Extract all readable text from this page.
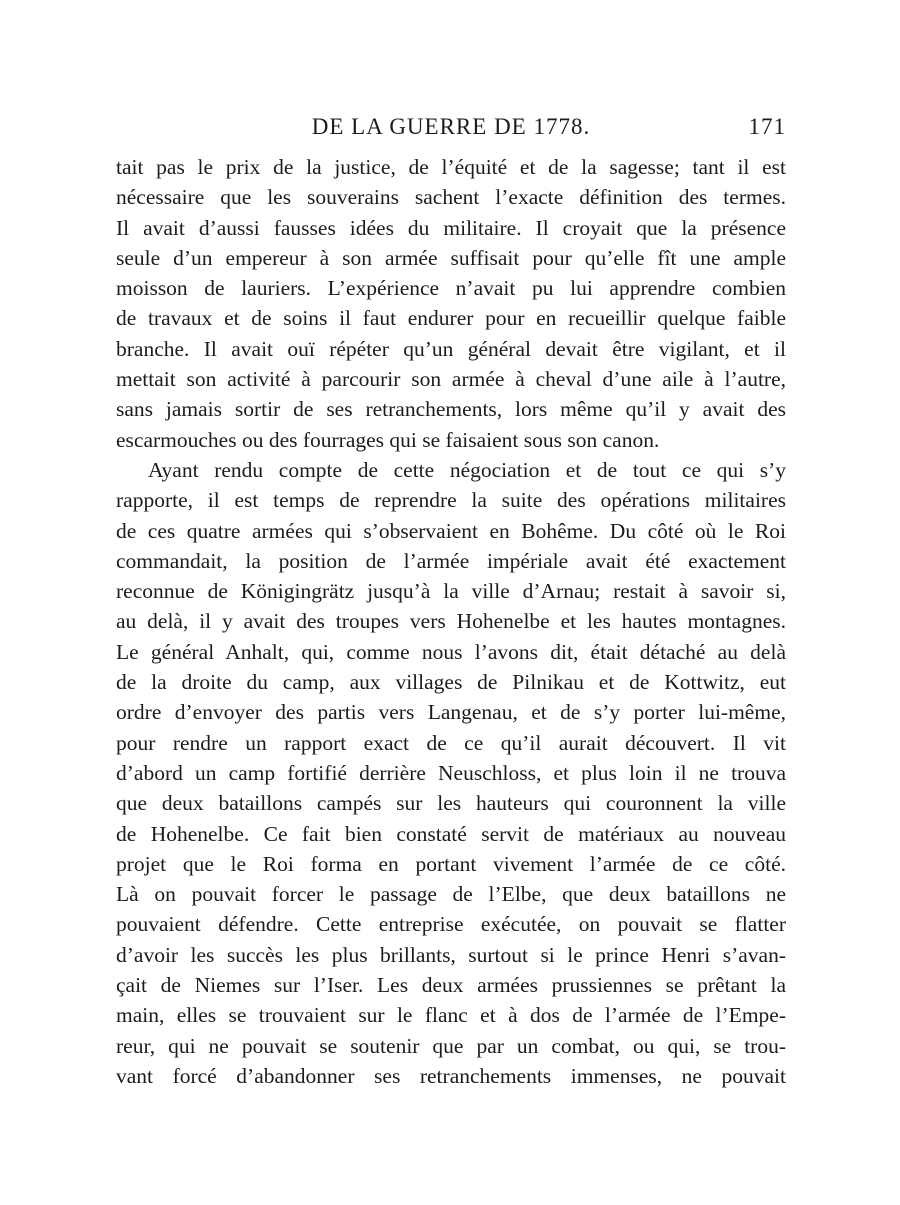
DE LA GUERRE DE 1778.	171
tait pas le prix de la justice, de l’équité et de la sagesse; tant il est
nécessaire que les souverains sachent l’exacte définition des termes.
Il avait d’aussi fausses idées du militaire. Il croyait que la présence
seule d’un empereur à son armée suffisait pour qu’elle fît une ample
moisson de lauriers. L’expérience n’avait pu lui apprendre combien
de travaux et de soins il faut endurer pour en recueillir quelque faible
branche. Il avait ouï répéter qu’un général devait être vigilant, et il
mettait son activité à parcourir son armée à cheval d’une aile à l’autre,
sans jamais sortir de ses retranchements, lors même qu’il y avait des
escarmouches ou des fourrages qui se faisaient sous son canon.
Ayant rendu compte de cette négociation et de tout ce qui s’y
rapporte, il est temps de reprendre la suite des opérations militaires
de ces quatre armées qui s’observaient en Bohême. Du côté où le Roi
commandait, la position de l’armée impériale avait été exactement
reconnue de Königingrätz jusqu’à la ville d’Arnau; restait à savoir si,
au delà, il y avait des troupes vers Hohenelbe et les hautes montagnes.
Le général Anhalt, qui, comme nous l’avons dit, était détaché au delà
de la droite du camp, aux villages de Pilnikau et de Kottwitz, eut
ordre d’envoyer des partis vers Langenau, et de s’y porter lui-même,
pour rendre un rapport exact de ce qu’il aurait découvert. Il vit
d’abord un camp fortifié derrière Neuschloss, et plus loin il ne trouva
que deux bataillons campés sur les hauteurs qui couronnent la ville
de Hohenelbe. Ce fait bien constaté servit de matériaux au nouveau
projet que le Roi forma en portant vivement l’armée de ce côté.
Là on pouvait forcer le passage de l’Elbe, que deux bataillons ne
pouvaient défendre. Cette entreprise exécutée, on pouvait se flatter
d’avoir les succès les plus brillants, surtout si le prince Henri s’avan-
çait de Niemes sur l’Iser. Les deux armées prussiennes se prêtant la
main, elles se trouvaient sur le flanc et à dos de l’armée de l’Empe-
reur, qui ne pouvait se soutenir que par un combat, ou qui, se trou-
vant forcé d’abandonner ses retranchements immenses, ne pouvait
